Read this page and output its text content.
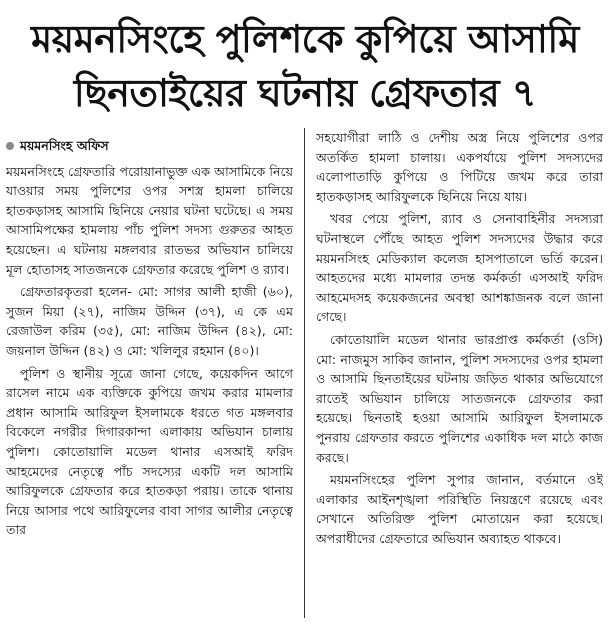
ময়মনসিংহে পুলিশকে কুপিয়ে আসামি
ছিনতাইয়ের ঘটনায় গ্রেফতার ৭
ময়মনসিংহ অফিস

ময়মনসিংহে গ্রেফতারি পরোয়ানাভুক্ত এক আসামিকে নিয়ে যাওয়ার সময় পুলিশের ওপর সশস্ত্র হামলা চালিয়ে হাতকড়াসহ আসামি ছিনিয়ে নেয়ার ঘটনা ঘটেছে। এ সময় আসামিপক্ষের হামলায় পাঁচ পুলিশ সদস্য গুরুতর আহত হয়েছেন। এ ঘটনায় মঙ্গলবার রাতভর অভিযান চালিয়ে মূল হোতাসহ সাতজনকে গ্রেফতার করেছে পুলিশ ও র‌্যাব।

গ্রেফতারকৃতরা হলেন- মো: সাগর আলী হাজী (৬০), সুজন মিয়া (২৭), নাজিম উদ্দিন (৩৭), এ কে এম রেজাউল করিম (৩৫), মো: নাজিম উদ্দিন (৪২), মো: জয়নাল উদ্দিন (৪২) ও মো: খলিলুর রহমান (৪০)।

পুলিশ ও স্থানীয় সূত্রে জানা গেছে, কয়েকদিন আগে রাসেল নামে এক ব্যক্তিকে কুপিয়ে জখম করার মামলার প্রধান আসামি আরিফুল ইসলামকে ধরতে গত মঙ্গলবার বিকেলে নগরীর দিগারকান্দা এলাকায় অভিযান চালায় পুলিশ। কোতোয়ালি মডেল থানার এসআই ফরিদ আহমেদের নেতৃত্বে পাঁচ সদস্যের একটি দল আসামি আরিফুলকে গ্রেফতার করে হাতকড়া পরায়। তাকে থানায় নিয়ে আসার পথে আরিফুলের বাবা সাগর আলীর নেতৃত্বে তার

সহযোগীরা লাঠি ও দেশীয় অস্ত্র নিয়ে পুলিশের ওপর অতর্কিত হামলা চালায়। একপর্যায়ে পুলিশ সদস্যদের এলোপাতাড়ি কুপিয়ে ও পিটিয়ে জখম করে তারা হাতকড়াসহ আরিফুলকে ছিনিয়ে নিয়ে যায়।

খবর পেয়ে পুলিশ, র‌্যাব ও সেনাবাহিনীর সদস্যরা ঘটনাস্থলে পৌঁছে আহত পুলিশ সদস্যদের উদ্ধার করে ময়মনসিংহ মেডিক্যাল কলেজ হাসপাতালে ভর্তি করেন। আহতদের মধ্যে মামলার তদন্ত কর্মকর্তা এসআই ফরিদ আহমেদসহ কয়েকজনের অবস্থা আশঙ্কাজনক বলে জানা গেছে।

কোতোয়ালি মডেল থানার ভারপ্রাপ্ত কর্মকর্তা (ওসি) মো: নাজমুস সাকিব জানান, পুলিশ সদস্যদের ওপর হামলা ও আসামি ছিনতাইয়ের ঘটনায় জড়িত থাকার অভিযোগে রাতেই অভিযান চালিয়ে সাতজনকে গ্রেফতার করা হয়েছে। ছিনতাই হওয়া আসামি আরিফুল ইসলামকে পুনরায় গ্রেফতার করতে পুলিশের একাধিক দল মাঠে কাজ করছে।

ময়মনসিংহের পুলিশ সুপার জানান, বর্তমানে ওই এলাকার আইনশৃঙ্খলা পরিস্থিতি নিয়ন্ত্রণে রয়েছে এবং সেখানে অতিরিক্ত পুলিশ মোতায়েন করা হয়েছে। অপরাধীদের গ্রেফতারে অভিযান অব্যাহত থাকবে।
